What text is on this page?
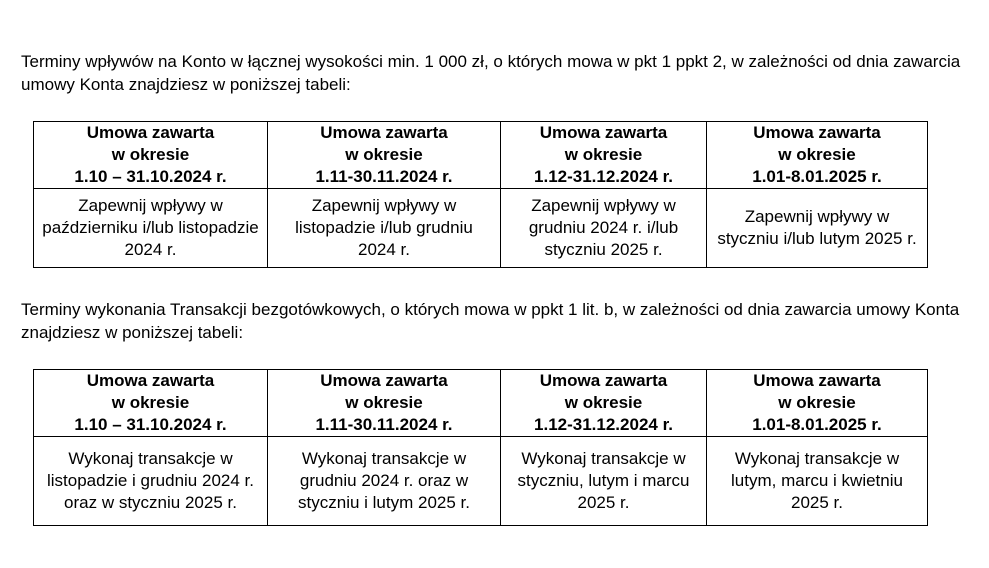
Terminy wpływów na Konto w łącznej wysokości min. 1 000 zł, o których mowa w pkt 1 ppkt 2, w zależności od dnia zawarcia umowy Konta znajdziesz w poniższej tabeli:

Umowa zawarta
w okresie
1.10 – 31.10.2024 r.	Umowa zawarta
w okresie
1.11-30.11.2024 r.	Umowa zawarta
w okresie
1.12-31.12.2024 r.	Umowa zawarta
w okresie
1.01-8.01.2025 r.

Zapewnij wpływy w październiku i/lub listopadzie 2024 r.	Zapewnij wpływy w listopadzie i/lub grudniu 2024 r.	Zapewnij wpływy w grudniu 2024 r. i/lub styczniu 2025 r.	Zapewnij wpływy w styczniu i/lub lutym 2025 r.

Terminy wykonania Transakcji bezgotówkowych, o których mowa w ppkt 1 lit. b, w zależności od dnia zawarcia umowy Konta znajdziesz w poniższej tabeli:

Umowa zawarta
w okresie
1.10 – 31.10.2024 r.	Umowa zawarta
w okresie
1.11-30.11.2024 r.	Umowa zawarta
w okresie
1.12-31.12.2024 r.	Umowa zawarta
w okresie
1.01-8.01.2025 r.

Wykonaj transakcje w listopadzie i grudniu 2024 r. oraz w styczniu 2025 r.	Wykonaj transakcje w grudniu 2024 r. oraz w styczniu i lutym 2025 r.	Wykonaj transakcje w styczniu, lutym i marcu 2025 r.	Wykonaj transakcje w lutym, marcu i kwietniu 2025 r.
